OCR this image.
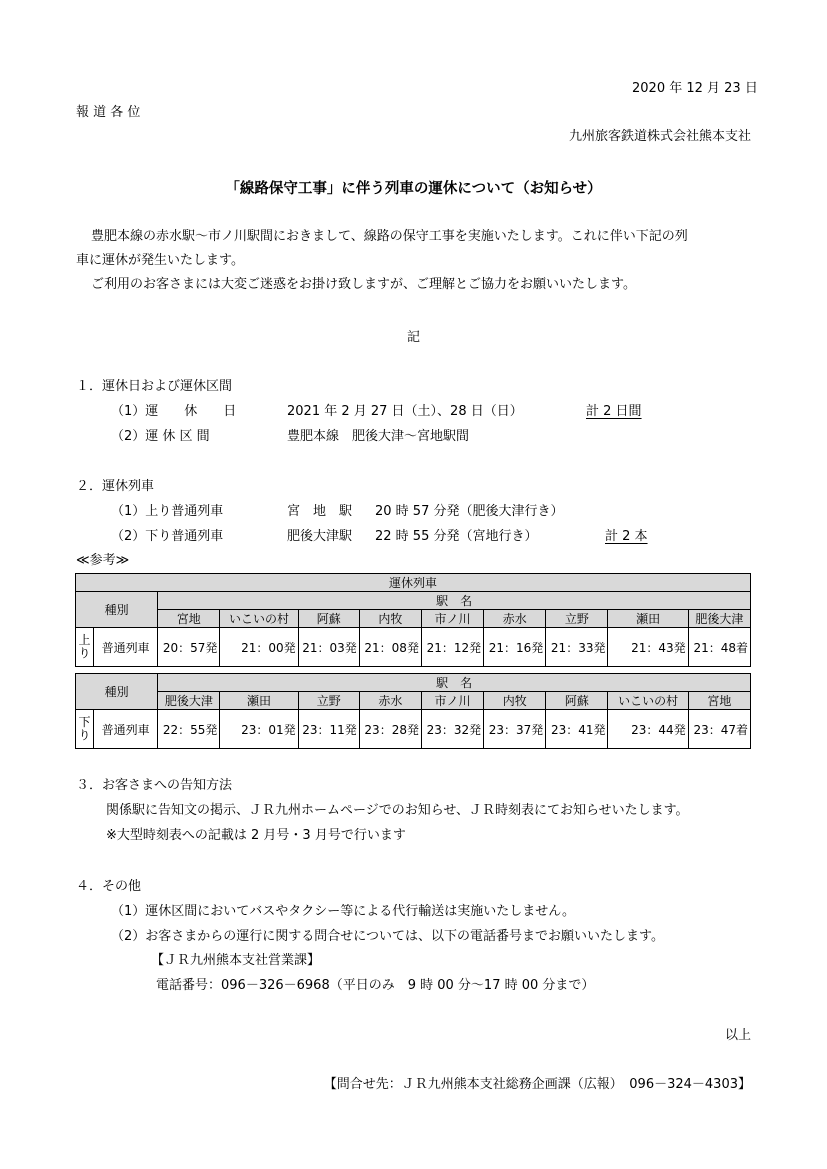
2020 年 12 月 23 日
報 道 各 位
九州旅客鉄道株式会社熊本支社
「線路保守工事」に伴う列車の運休について（お知らせ）
豊肥本線の赤水駅～市ノ川駅間におきまして、線路の保守工事を実施いたします。これに伴い下記の列
車に運休が発生いたします。
ご利用のお客さまには大変ご迷惑をお掛け致しますが、ご理解とご協力をお願いいたします。
記
１．運休日および運休区間
（1）運　　休　　日	2021 年 2 月 27 日（土）、28 日（日）	計 2 日間
（2）運 休 区 間	豊肥本線　肥後大津～宮地駅間
２．運休列車
（1）上り普通列車	宮　地　駅 20 時 57 分発（肥後大津行き）
（2）下り普通列車	肥後大津駅 22 時 55 分発（宮地行き）	計 2 本
≪参考≫
運休列車										
種別		駅　名								
		宮地	いこいの村	阿蘇	内牧	市ノ川	赤水	立野	瀬田	肥後大津
上
り	普通列車	20：57発	21：00発	21：03発	21：08発	21：12発	21：16発	21：33発	21：43発	21：48着
種別		駅　名								
		肥後大津	瀬田	立野	赤水	市ノ川	内牧	阿蘇	いこいの村	宮地
下
り	普通列車	22：55発	23：01発	23：11発	23：28発	23：32発	23：37発	23：41発	23：44発	23：47着
３．お客さまへの告知方法
関係駅に告知文の掲示、ＪＲ九州ホームページでのお知らせ、ＪＲ時刻表にてお知らせいたします。
※大型時刻表への記載は 2 月号・3 月号で行います
４．その他
（1）運休区間においてバスやタクシー等による代行輸送は実施いたしません。
（2）お客さまからの運行に関する問合せについては、以下の電話番号までお願いいたします。
【ＪＲ九州熊本支社営業課】
電話番号：096－326－6968（平日のみ　9 時 00 分～17 時 00 分まで）
以上
【問合せ先：ＪＲ九州熊本支社総務企画課（広報）　096－324－4303】
